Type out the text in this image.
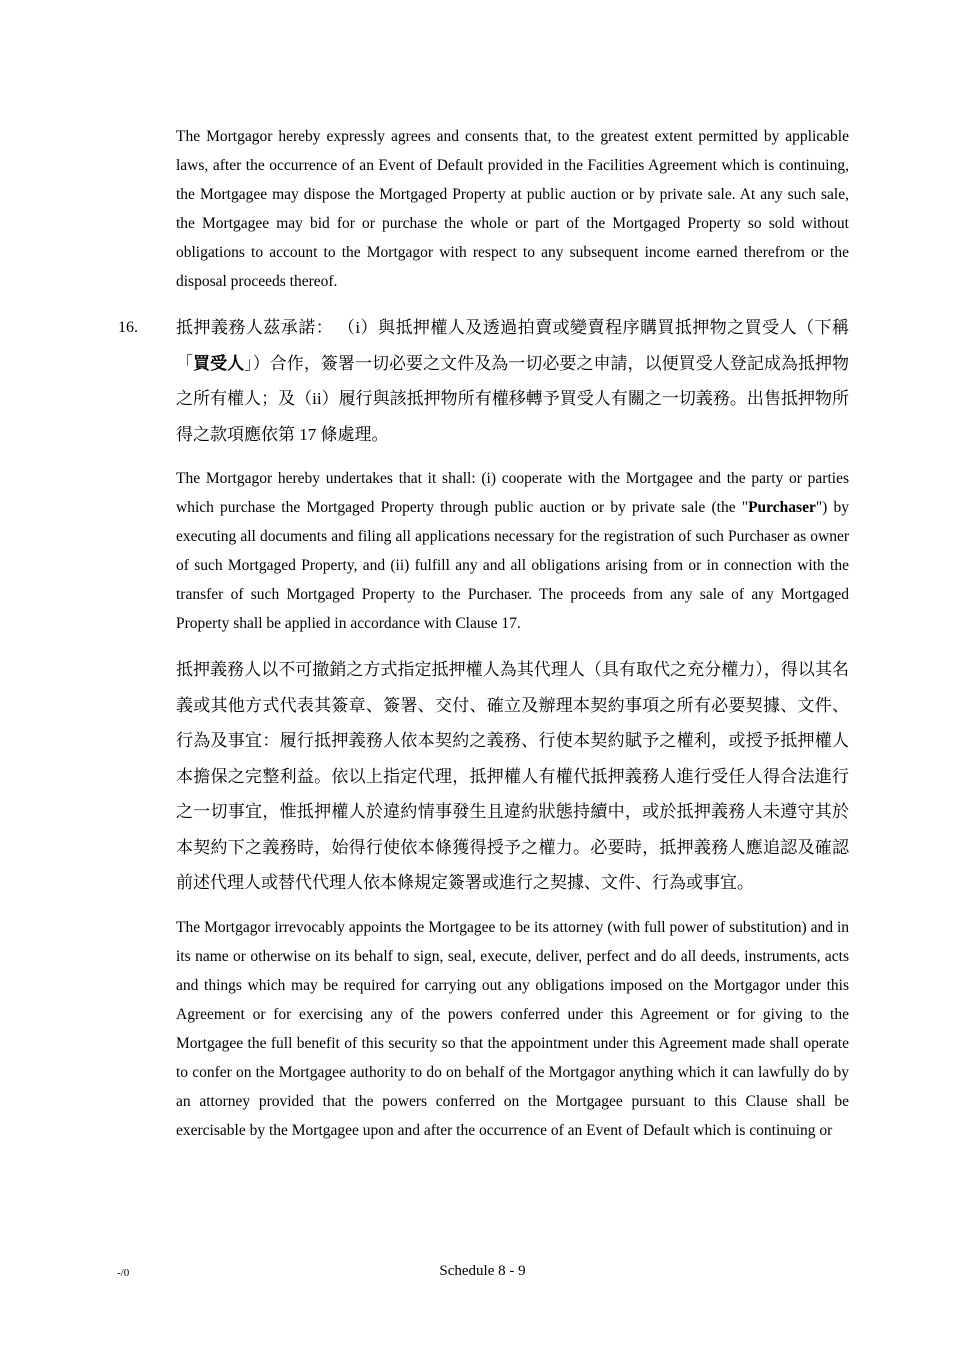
The Mortgagor hereby expressly agrees and consents that, to the greatest extent permitted by applicable laws, after the occurrence of an Event of Default provided in the Facilities Agreement which is continuing, the Mortgagee may dispose the Mortgaged Property at public auction or by private sale. At any such sale, the Mortgagee may bid for or purchase the whole or part of the Mortgaged Property so sold without obligations to account to the Mortgagor with respect to any subsequent income earned therefrom or the disposal proceeds thereof.

16. 抵押義務人茲承諾： （i）與抵押權人及透過拍賣或變賣程序購買抵押物之買受人（下稱「買受人」）合作，簽署一切必要之文件及為一切必要之申請，以便買受人登記成為抵押物之所有權人；及（ii）履行與該抵押物所有權移轉予買受人有關之一切義務。出售抵押物所得之款項應依第 17 條處理。

The Mortgagor hereby undertakes that it shall: (i) cooperate with the Mortgagee and the party or parties which purchase the Mortgaged Property through public auction or by private sale (the "Purchaser") by executing all documents and filing all applications necessary for the registration of such Purchaser as owner of such Mortgaged Property, and (ii) fulfill any and all obligations arising from or in connection with the transfer of such Mortgaged Property to the Purchaser. The proceeds from any sale of any Mortgaged Property shall be applied in accordance with Clause 17.

抵押義務人以不可撤銷之方式指定抵押權人為其代理人（具有取代之充分權力），得以其名義或其他方式代表其簽章、簽署、交付、確立及辦理本契約事項之所有必要契據、文件、行為及事宜：履行抵押義務人依本契約之義務、行使本契約賦予之權利，或授予抵押權人本擔保之完整利益。依以上指定代理，抵押權人有權代抵押義務人進行受任人得合法進行之一切事宜，惟抵押權人於違約情事發生且違約狀態持續中，或於抵押義務人未遵守其於本契約下之義務時，始得行使依本條獲得授予之權力。必要時，抵押義務人應追認及確認前述代理人或替代代理人依本條規定簽署或進行之契據、文件、行為或事宜。

The Mortgagor irrevocably appoints the Mortgagee to be its attorney (with full power of substitution) and in its name or otherwise on its behalf to sign, seal, execute, deliver, perfect and do all deeds, instruments, acts and things which may be required for carrying out any obligations imposed on the Mortgagor under this Agreement or for exercising any of the powers conferred under this Agreement or for giving to the Mortgagee the full benefit of this security so that the appointment under this Agreement made shall operate to confer on the Mortgagee authority to do on behalf of the Mortgagor anything which it can lawfully do by an attorney provided that the powers conferred on the Mortgagee pursuant to this Clause shall be exercisable by the Mortgagee upon and after the occurrence of an Event of Default which is continuing or

-/0	Schedule 8 - 9
